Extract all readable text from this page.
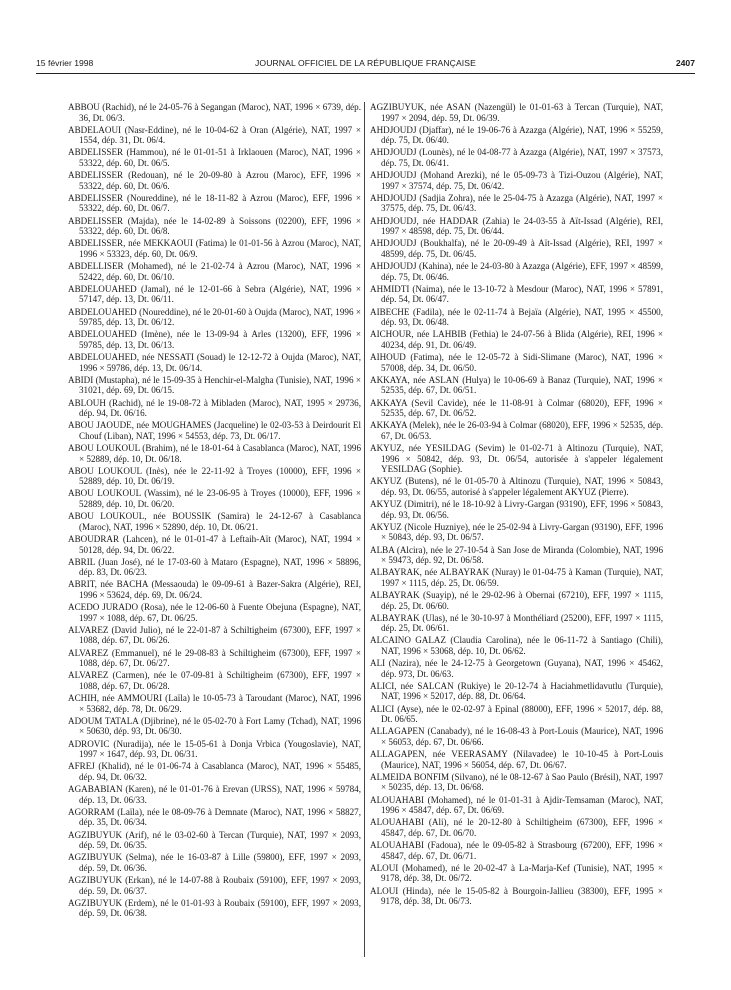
15 février 1998	JOURNAL OFFICIEL DE LA RÉPUBLIQUE FRANÇAISE	2407

ABBOU (Rachid), né le 24-05-76 à Segangan (Maroc), NAT, 1996 × 6739, dép. 36, Dt. 06/3.

ABDELAOUI (Nasr-Eddine), né le 10-04-62 à Oran (Algérie), NAT, 1997 × 1554, dép. 31, Dt. 06/4.

ABDELISSER (Hammou), né le 01-01-51 à Irklaouen (Maroc), NAT, 1996 × 53322, dép. 60, Dt. 06/5.

ABDELISSER (Redouan), né le 20-09-80 à Azrou (Maroc), EFF, 1996 × 53322, dép. 60, Dt. 06/6.

ABDELISSER (Noureddine), né le 18-11-82 à Azrou (Maroc), EFF, 1996 × 53322, dép. 60, Dt. 06/7.

ABDELISSER (Majda), née le 14-02-89 à Soissons (02200), EFF, 1996 × 53322, dép. 60, Dt. 06/8.

ABDELISSER, née MEKKAOUI (Fatima) le 01-01-56 à Azrou (Maroc), NAT, 1996 × 53323, dép. 60, Dt. 06/9.

ABDELLISER (Mohamed), né le 21-02-74 à Azrou (Maroc), NAT, 1996 × 52422, dép. 60, Dt. 06/10.

ABDELOUAHED (Jamal), né le 12-01-66 à Sebra (Algérie), NAT, 1996 × 57147, dép. 13, Dt. 06/11.

ABDELOUAHED (Noureddine), né le 20-01-60 à Oujda (Maroc), NAT, 1996 × 59785, dép. 13, Dt. 06/12.

ABDELOUAHED (Imène), née le 13-09-94 à Arles (13200), EFF, 1996 × 59785, dép. 13, Dt. 06/13.

ABDELOUAHED, née NESSATI (Souad) le 12-12-72 à Oujda (Maroc), NAT, 1996 × 59786, dép. 13, Dt. 06/14.

ABIDI (Mustapha), né le 15-09-35 à Henchir-el-Malgha (Tunisie), NAT, 1996 × 31021, dép. 69, Dt. 06/15.

ABLOUH (Rachid), né le 19-08-72 à Mibladen (Maroc), NAT, 1995 × 29736, dép. 94, Dt. 06/16.

ABOU JAOUDE, née MOUGHAMES (Jacqueline) le 02-03-53 à Deirdourit El Chouf (Liban), NAT, 1996 × 54553, dép. 73, Dt. 06/17.

ABOU LOUKOUL (Brahim), né le 18-01-64 à Casablanca (Maroc), NAT, 1996 × 52889, dép. 10, Dt. 06/18.

ABOU LOUKOUL (Inès), née le 22-11-92 à Troyes (10000), EFF, 1996 × 52889, dép. 10, Dt. 06/19.

ABOU LOUKOUL (Wassim), né le 23-06-95 à Troyes (10000), EFF, 1996 × 52889, dép. 10, Dt. 06/20.

ABOU LOUKOUL, née BOUSSIK (Samira) le 24-12-67 à Casablanca (Maroc), NAT, 1996 × 52890, dép. 10, Dt. 06/21.

ABOUDRAR (Lahcen), né le 01-01-47 à Leftaih-Aït (Maroc), NAT, 1994 × 50128, dép. 94, Dt. 06/22.

ABRIL (Juan José), né le 17-03-60 à Mataro (Espagne), NAT, 1996 × 58896, dép. 83, Dt. 06/23.

ABRIT, née BACHA (Messaouda) le 09-09-61 à Bazer-Sakra (Algérie), REI, 1996 × 53624, dép. 69, Dt. 06/24.

ACEDO JURADO (Rosa), née le 12-06-60 à Fuente Obejuna (Espagne), NAT, 1997 × 1088, dép. 67, Dt. 06/25.

ALVAREZ (David Julio), né le 22-01-87 à Schiltigheim (67300), EFF, 1997 × 1088, dép. 67, Dt. 06/26.

ALVAREZ (Emmanuel), né le 29-08-83 à Schiltigheim (67300), EFF, 1997 × 1088, dép. 67, Dt. 06/27.

ALVAREZ (Carmen), née le 07-09-81 à Schiltigheim (67300), EFF, 1997 × 1088, dép. 67, Dt. 06/28.

ACHIH, née AMMOURI (Laïla) le 10-05-73 à Taroudant (Maroc), NAT, 1996 × 53682, dép. 78, Dt. 06/29.

ADOUM TATALA (Djibrine), né le 05-02-70 à Fort Lamy (Tchad), NAT, 1996 × 50630, dép. 93, Dt. 06/30.

ADROVIC (Nuradija), née le 15-05-61 à Donja Vrbica (Yougoslavie), NAT, 1997 × 1647, dép. 93, Dt. 06/31.

AFREJ (Khalid), né le 01-06-74 à Casablanca (Maroc), NAT, 1996 × 55485, dép. 94, Dt. 06/32.

AGABABIAN (Karen), né le 01-01-76 à Erevan (URSS), NAT, 1996 × 59784, dép. 13, Dt. 06/33.

AGORRAM (Laïla), née le 08-09-76 à Demnate (Maroc), NAT, 1996 × 58827, dép. 35, Dt. 06/34.

AGZIBUYUK (Arif), né le 03-02-60 à Tercan (Turquie), NAT, 1997 × 2093, dép. 59, Dt. 06/35.

AGZIBUYUK (Selma), née le 16-03-87 à Lille (59800), EFF, 1997 × 2093, dép. 59, Dt. 06/36.

AGZIBUYUK (Erkan), né le 14-07-88 à Roubaix (59100), EFF, 1997 × 2093, dép. 59, Dt. 06/37.

AGZIBUYUK (Erdem), né le 01-01-93 à Roubaix (59100), EFF, 1997 × 2093, dép. 59, Dt. 06/38.

AGZIBUYUK, née ASAN (Nazengül) le 01-01-63 à Tercan (Turquie), NAT, 1997 × 2094, dép. 59, Dt. 06/39.

AHDJOUDJ (Djaffar), né le 19-06-76 à Azazga (Algérie), NAT, 1996 × 55259, dép. 75, Dt. 06/40.

AHDJOUDJ (Lounès), né le 04-08-77 à Azazga (Algérie), NAT, 1997 × 37573, dép. 75, Dt. 06/41.

AHDJOUDJ (Mohand Arezki), né le 05-09-73 à Tizi-Ouzou (Algérie), NAT, 1997 × 37574, dép. 75, Dt. 06/42.

AHDJOUDJ (Sadjia Zohra), née le 25-04-75 à Azazga (Algérie), NAT, 1997 × 37575, dép. 75, Dt. 06/43.

AHDJOUDJ, née HADDAR (Zahia) le 24-03-55 à Aït-Issad (Algérie), REI, 1997 × 48598, dép. 75, Dt. 06/44.

AHDJOUDJ (Boukhalfa), né le 20-09-49 à Aït-Issad (Algérie), REI, 1997 × 48599, dép. 75, Dt. 06/45.

AHDJOUDJ (Kahina), née le 24-03-80 à Azazga (Algérie), EFF, 1997 × 48599, dép. 75, Dt. 06/46.

AHMIDTI (Naima), née le 13-10-72 à Mesdour (Maroc), NAT, 1996 × 57891, dép. 54, Dt. 06/47.

AIBECHE (Fadila), née le 02-11-74 à Bejaïa (Algérie), NAT, 1995 × 45500, dép. 93, Dt. 06/48.

AICHOUR, née LAHBIB (Fethia) le 24-07-56 à Blida (Algérie), REI, 1996 × 40234, dép. 91, Dt. 06/49.

AIHOUD (Fatima), née le 12-05-72 à Sidi-Slimane (Maroc), NAT, 1996 × 57008, dép. 34, Dt. 06/50.

AKKAYA, née ASLAN (Hulya) le 10-06-69 à Banaz (Turquie), NAT, 1996 × 52535, dép. 67, Dt. 06/51.

AKKAYA (Sevil Cavide), née le 11-08-91 à Colmar (68020), EFF, 1996 × 52535, dép. 67, Dt. 06/52.

AKKAYA (Melek), née le 26-03-94 à Colmar (68020), EFF, 1996 × 52535, dép. 67, Dt. 06/53.

AKYUZ, née YESILDAG (Sevim) le 01-02-71 à Altinozu (Turquie), NAT, 1996 × 50842, dép. 93, Dt. 06/54, autorisée à s'appeler légalement YESILDAG (Sophie).

AKYUZ (Butens), né le 01-05-70 à Altinozu (Turquie), NAT, 1996 × 50843, dép. 93, Dt. 06/55, autorisé à s'appeler légalement AKYUZ (Pierre).

AKYUZ (Dimitri), né le 18-10-92 à Livry-Gargan (93190), EFF, 1996 × 50843, dép. 93, Dt. 06/56.

AKYUZ (Nicole Huzniye), née le 25-02-94 à Livry-Gargan (93190), EFF, 1996 × 50843, dép. 93, Dt. 06/57.

ALBA (Alcira), née le 27-10-54 à San Jose de Miranda (Colombie), NAT, 1996 × 59473, dép. 92, Dt. 06/58.

ALBAYRAK, née ALBAYRAK (Nuray) le 01-04-75 à Kaman (Turquie), NAT, 1997 × 1115, dép. 25, Dt. 06/59.

ALBAYRAK (Suayip), né le 29-02-96 à Obernai (67210), EFF, 1997 × 1115, dép. 25, Dt. 06/60.

ALBAYRAK (Ulas), né le 30-10-97 à Monthéliard (25200), EFF, 1997 × 1115, dép. 25, Dt. 06/61.

ALCAINO GALAZ (Claudia Carolina), née le 06-11-72 à Santiago (Chili), NAT, 1996 × 53068, dép. 10, Dt. 06/62.

ALI (Nazira), née le 24-12-75 à Georgetown (Guyana), NAT, 1996 × 45462, dép. 973, Dt. 06/63.

ALICI, née SALCAN (Rukiye) le 20-12-74 à Haciahmetlidavutlu (Turquie), NAT, 1996 × 52017, dép. 88, Dt. 06/64.

ALICI (Ayse), née le 02-02-97 à Epinal (88000), EFF, 1996 × 52017, dép. 88, Dt. 06/65.

ALLAGAPEN (Canabady), né le 16-08-43 à Port-Louis (Maurice), NAT, 1996 × 56053, dép. 67, Dt. 06/66.

ALLAGAPEN, née VEERASAMY (Nilavadee) le 10-10-45 à Port-Louis (Maurice), NAT, 1996 × 56054, dép. 67, Dt. 06/67.

ALMEIDA BONFIM (Silvano), né le 08-12-67 à Sao Paulo (Brésil), NAT, 1997 × 50235, dép. 13, Dt. 06/68.

ALOUAHABI (Mohamed), né le 01-01-31 à Ajdir-Temsaman (Maroc), NAT, 1996 × 45847, dép. 67, Dt. 06/69.

ALOUAHABI (Ali), né le 20-12-80 à Schiltigheim (67300), EFF, 1996 × 45847, dép. 67, Dt. 06/70.

ALOUAHABI (Fadoua), née le 09-05-82 à Strasbourg (67200), EFF, 1996 × 45847, dép. 67, Dt. 06/71.

ALOUI (Mohamed), né le 20-02-47 à La-Marja-Kef (Tunisie), NAT, 1995 × 9178, dép. 38, Dt. 06/72.

ALOUI (Hinda), née le 15-05-82 à Bourgoin-Jallieu (38300), EFF, 1995 × 9178, dép. 38, Dt. 06/73.
